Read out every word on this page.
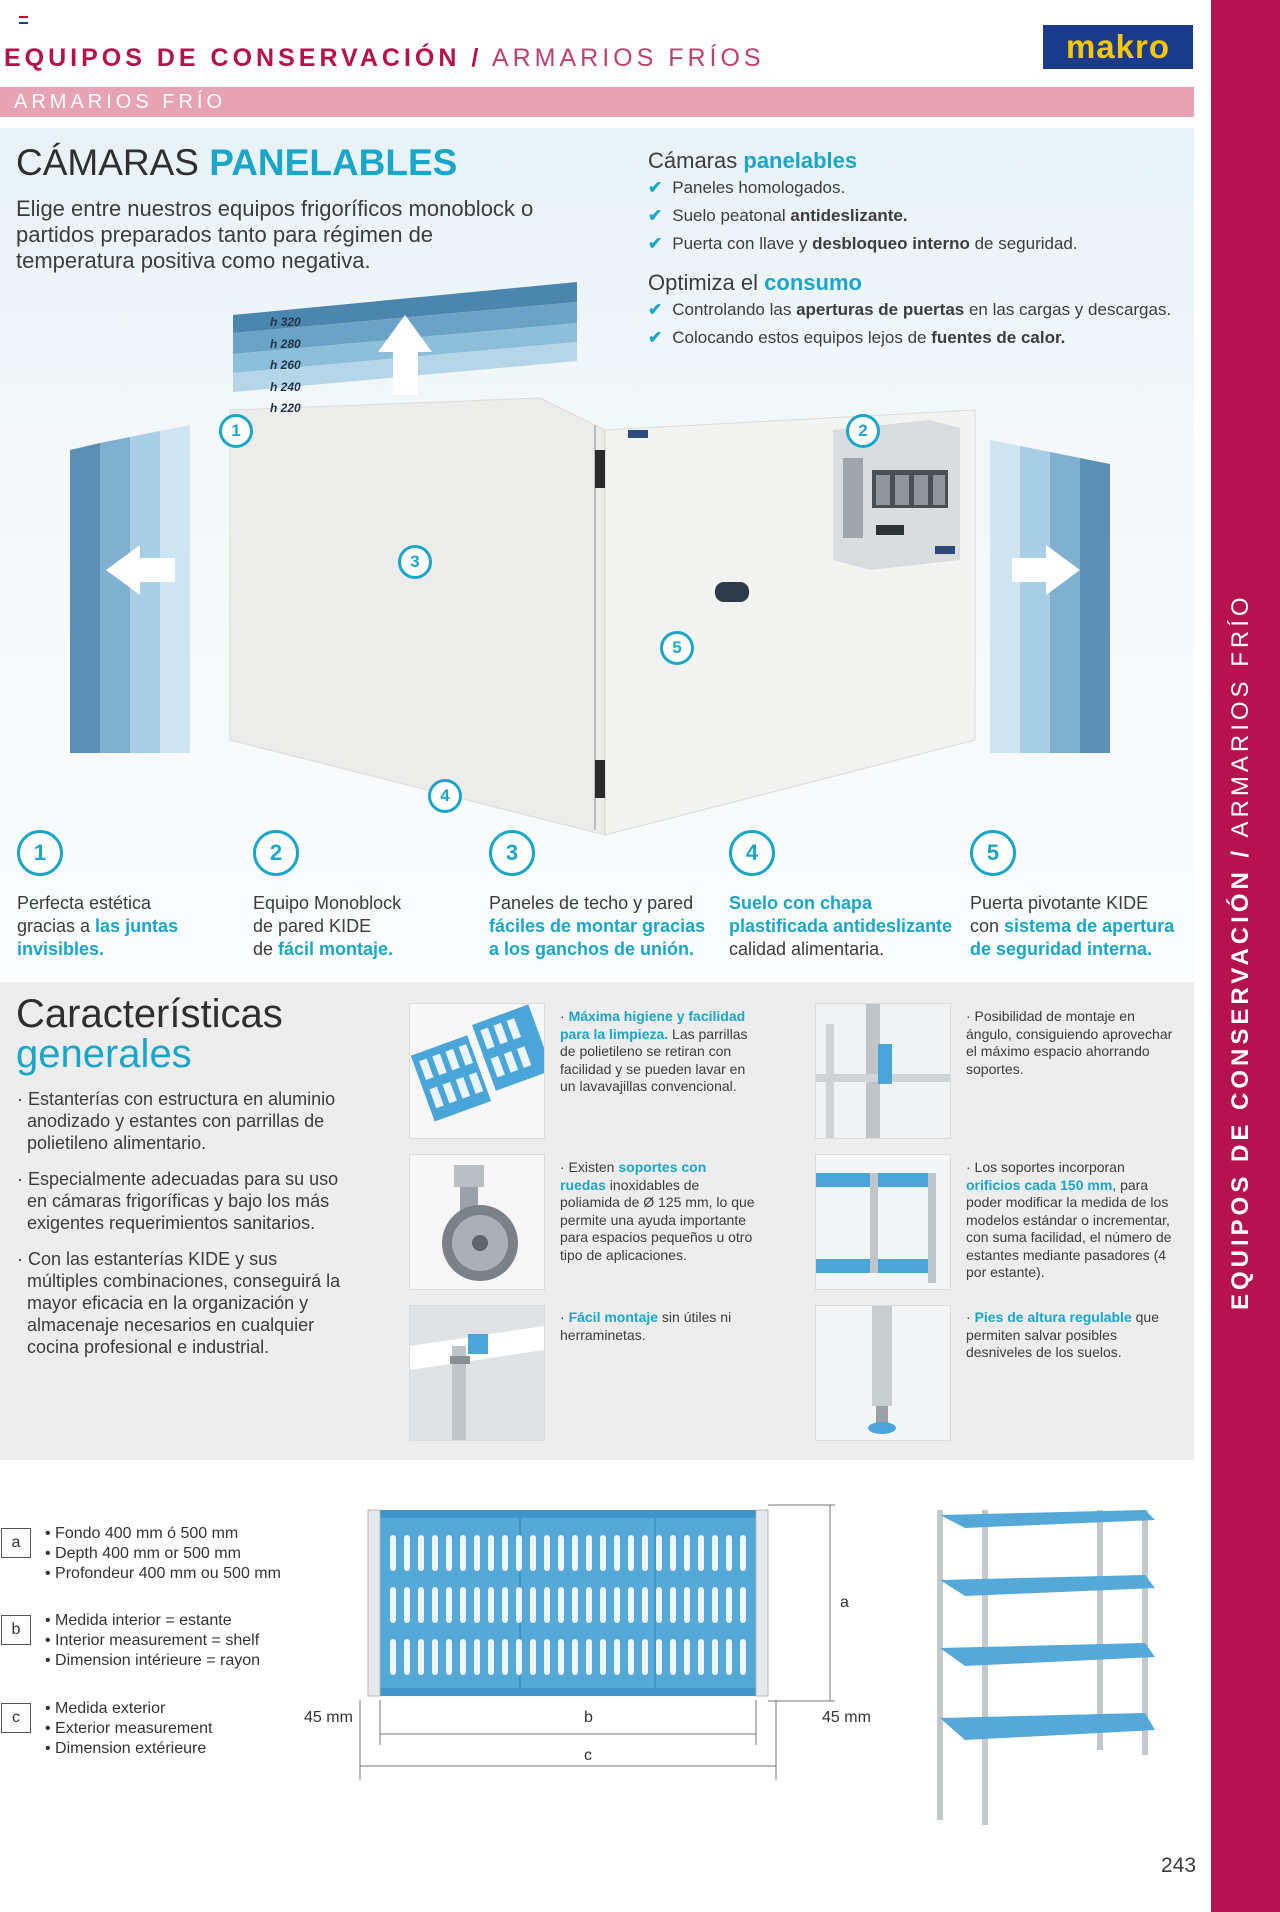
EQUIPOS DE CONSERVACIÓN / ARMARIOS FRÍOS	makro
ARMARIOS FRÍO
EQUIPOS DE CONSERVACIÓN / ARMARIOS FRÍO
CÁMARAS PANELABLES
Elige entre nuestros equipos frigoríficos monoblock o partidos preparados tanto para régimen de temperatura positiva como negativa.
Cámaras panelables
✔ Paneles homologados.
✔ Suelo peatonal antideslizante.
✔ Puerta con llave y desbloqueo interno de seguridad.
Optimiza el consumo
✔ Controlando las aperturas de puertas en las cargas y descargas.
✔ Colocando estos equipos lejos de fuentes de calor.
h 320
h 280
h 260
h 240
h 220
1	2
3
5
4
1
Perfecta estética
gracias a las juntas
invisibles.
2
Equipo Monoblock
de pared KIDE
de fácil montaje.
3
Paneles de techo y pared
fáciles de montar gracias
a los ganchos de unión.
4
Suelo con chapa
plastificada antideslizante
calidad alimentaria.
5
Puerta pivotante KIDE
con sistema de apertura
de seguridad interna.
Características
generales
· Estanterías con estructura en aluminio anodizado y estantes con parrillas de polietileno alimentario.
· Especialmente adecuadas para su uso en cámaras frigoríficas y bajo los más exigentes requerimientos sanitarios.
· Con las estanterías KIDE y sus múltiples combinaciones, conseguirá la mayor eficacia en la organización y almacenaje necesarios en cualquier cocina profesional e industrial.
· Máxima higiene y facilidad para la limpieza. Las parrillas de polietileno se retiran con facilidad y se pueden lavar en un lavavajillas convencional.
· Posibilidad de montaje en ángulo, consiguiendo aprovechar el máximo espacio ahorrando soportes.
· Existen soportes con ruedas inoxidables de poliamida de Ø 125 mm, lo que permite una ayuda importante para espacios pequeños u otro tipo de aplicaciones.
· Los soportes incorporan orificios cada 150 mm, para poder modificar la medida de los modelos estándar o incrementar, con suma facilidad, el número de estantes mediante pasadores (4 por estante).
· Fácil montaje sin útiles ni herraminetas.
· Pies de altura regulable que permiten salvar posibles desniveles de los suelos.
a
• Fondo 400 mm ó 500 mm
• Depth 400 mm or 500 mm
• Profondeur 400 mm ou 500 mm
b
• Medida interior = estante
• Interior measurement = shelf
• Dimension intérieure = rayon
c
• Medida exterior
• Exterior measurement
• Dimension extérieure
a
b
c
45 mm	45 mm
243
